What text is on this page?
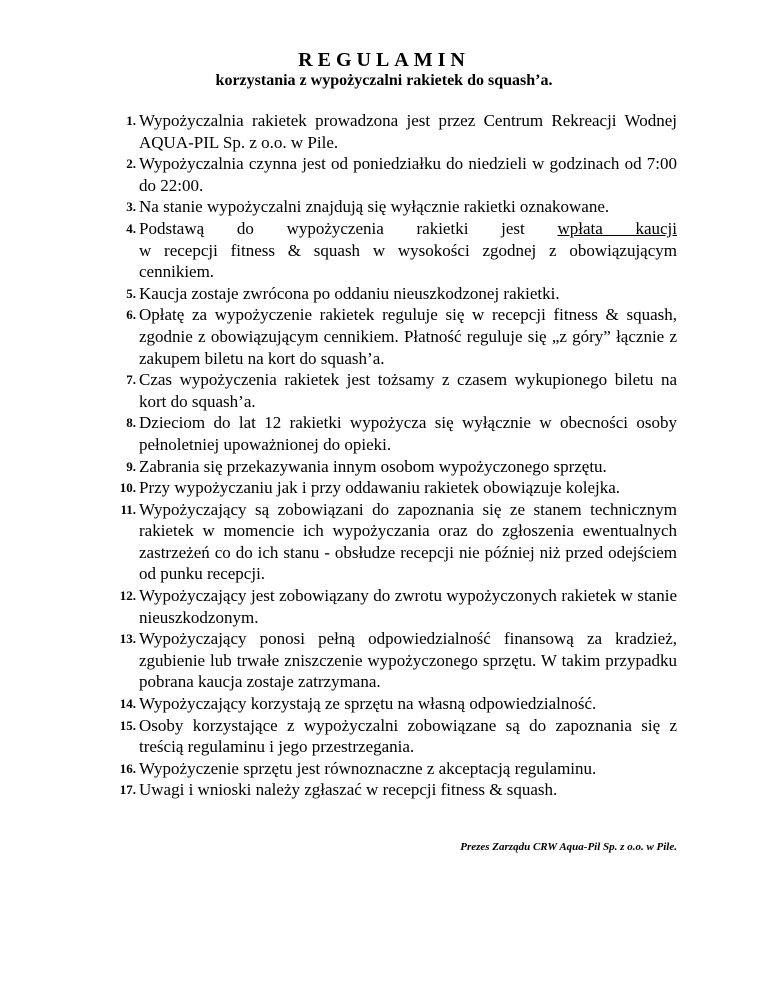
REGULAMIN
korzystania z wypożyczalni rakietek do squash’a.
1. Wypożyczalnia rakietek prowadzona jest przez Centrum Rekreacji Wodnej AQUA-PIL Sp. z o.o. w Pile.
2. Wypożyczalnia czynna jest od poniedziałku do niedzieli w godzinach od 7:00 do 22:00.
3. Na stanie wypożyczalni znajdują się wyłącznie rakietki oznakowane.
4. Podstawą do wypożyczenia rakietki jest wpłata kaucji
w recepcji fitness & squash w wysokości zgodnej z obowiązującym cennikiem.
5. Kaucja zostaje zwrócona po oddaniu nieuszkodzonej rakietki.
6. Opłatę za wypożyczenie rakietek reguluje się w recepcji fitness & squash, zgodnie z obowiązującym cennikiem. Płatność reguluje się „z góry” łącznie z zakupem biletu na kort do squash’a.
7. Czas wypożyczenia rakietek jest tożsamy z czasem wykupionego biletu na kort do squash’a.
8. Dzieciom do lat 12 rakietki wypożycza się wyłącznie w obecności osoby pełnoletniej upoważnionej do opieki.
9. Zabrania się przekazywania innym osobom wypożyczonego sprzętu.
10. Przy wypożyczaniu jak i przy oddawaniu rakietek obowiązuje kolejka.
11. Wypożyczający są zobowiązani do zapoznania się ze stanem technicznym rakietek w momencie ich wypożyczania oraz do zgłoszenia ewentualnych zastrzeżeń co do ich stanu - obsłudze recepcji nie później niż przed odejściem od punku recepcji.
12. Wypożyczający jest zobowiązany do zwrotu wypożyczonych rakietek w stanie nieuszkodzonym.
13. Wypożyczający ponosi pełną odpowiedzialność finansową za kradzież, zgubienie lub trwałe zniszczenie wypożyczonego sprzętu. W takim przypadku pobrana kaucja zostaje zatrzymana.
14. Wypożyczający korzystają ze sprzętu na własną odpowiedzialność.
15. Osoby korzystające z wypożyczalni zobowiązane są do zapoznania się z treścią regulaminu i jego przestrzegania.
16. Wypożyczenie sprzętu jest równoznaczne z akceptacją regulaminu.
17. Uwagi i wnioski należy zgłaszać w recepcji fitness & squash.
Prezes Zarządu CRW Aqua-Pil Sp. z o.o. w Pile.
